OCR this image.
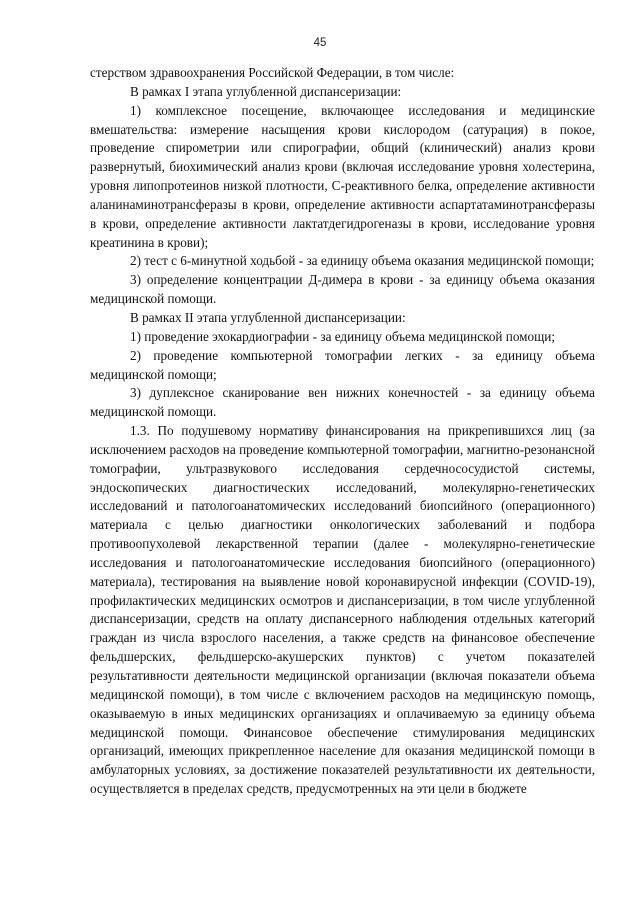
45

стерством здравоохранения Российской Федерации, в том числе:

В рамках I этапа углубленной диспансеризации:

1) комплексное посещение, включающее исследования и медицинские вмешательства: измерение насыщения крови кислородом (сатурация) в покое, проведение спирометрии или спирографии, общий (клинический) анализ крови развернутый, биохимический анализ крови (включая исследование уровня холестерина, уровня липопротеинов низкой плотности, С-реактивного белка, определение активности аланинаминотрансферазы в крови, определение активности аспартатаминотрансферазы в крови, определение активности лактатдегидрогеназы в крови, исследование уровня креатинина в крови);

2) тест с 6-минутной ходьбой - за единицу объема оказания медицинской помощи;

3) определение концентрации Д-димера в крови - за единицу объема оказания медицинской помощи.

В рамках II этапа углубленной диспансеризации:

1) проведение эхокардиографии - за единицу объема медицинской помощи;

2) проведение компьютерной томографии легких - за единицу объема медицинской помощи;

3) дуплексное сканирование вен нижних конечностей - за единицу объема медицинской помощи.

1.3. По подушевому нормативу финансирования на прикрепившихся лиц (за исключением расходов на проведение компьютерной томографии, магнитно-резонансной томографии, ультразвукового исследования сердечнососудистой системы, эндоскопических диагностических исследований, молекулярно-генетических исследований и патологоанатомических исследований биопсийного (операционного) материала с целью диагностики онкологических заболеваний и подбора противоопухолевой лекарственной терапии (далее - молекулярно-генетические исследования и патологоанатомические исследования биопсийного (операционного) материала), тестирования на выявление новой коронавирусной инфекции (COVID-19), профилактических медицинских осмотров и диспансеризации, в том числе углубленной диспансеризации, средств на оплату диспансерного наблюдения отдельных категорий граждан из числа взрослого населения, а также средств на финансовое обеспечение фельдшерских, фельдшерско-акушерских пунктов) с учетом показателей результативности деятельности медицинской организации (включая показатели объема медицинской помощи), в том числе с включением расходов на медицинскую помощь, оказываемую в иных медицинских организациях и оплачиваемую за единицу объема медицинской помощи. Финансовое обеспечение стимулирования медицинских организаций, имеющих прикрепленное население для оказания медицинской помощи в амбулаторных условиях, за достижение показателей результативности их деятельности, осуществляется в пределах средств, предусмотренных на эти цели в бюджете
